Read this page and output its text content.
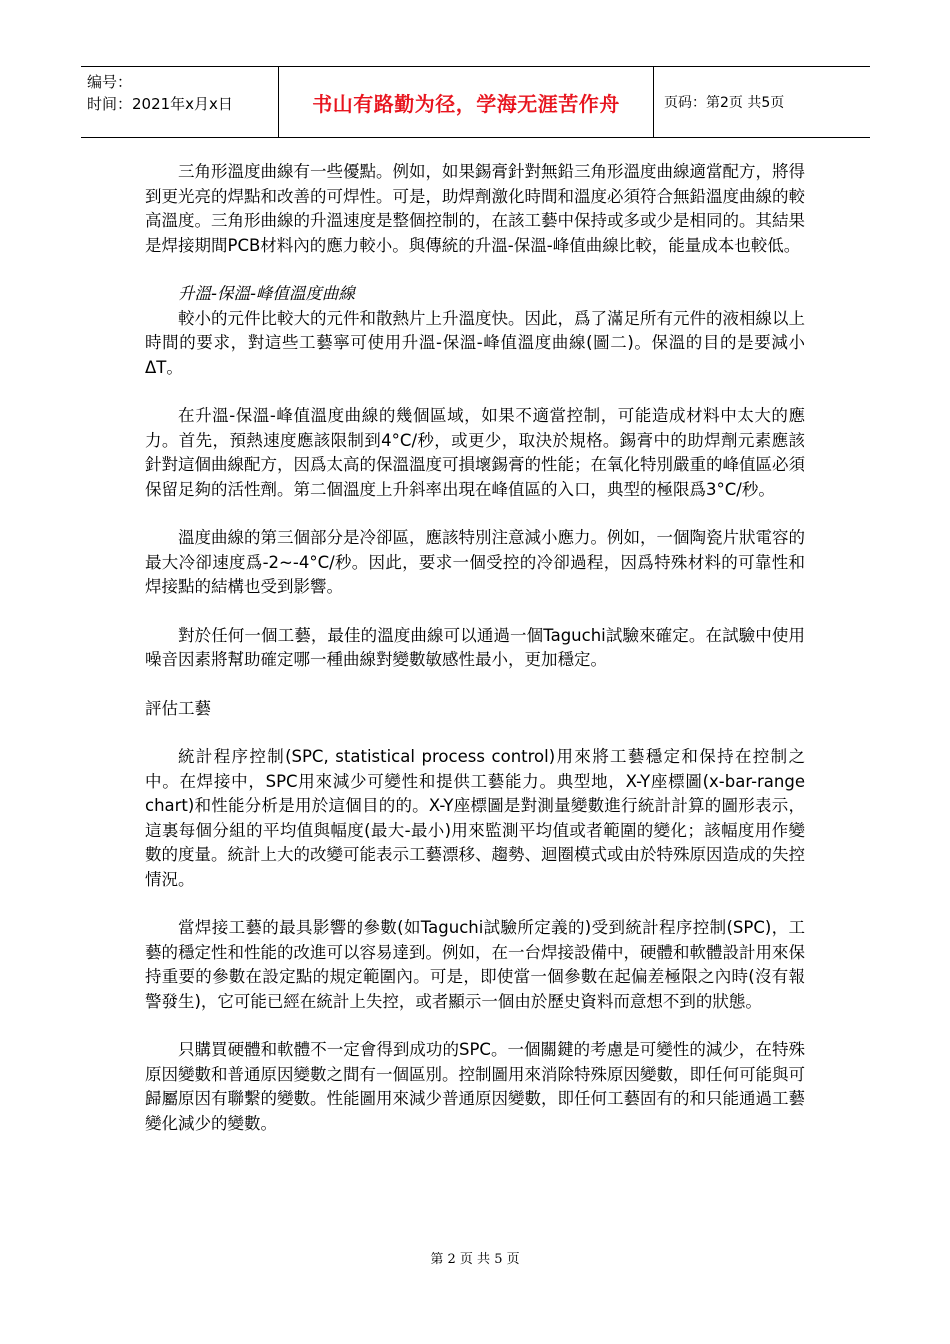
编号：
时间：2021年x月x日	书山有路勤为径，学海无涯苦作舟	页码：第2页 共5页

三角形溫度曲線有一些優點。例如，如果錫膏針對無鉛三角形溫度曲線適當配方，將得到更光亮的焊點和改善的可焊性。可是，助焊劑激化時間和溫度必須符合無鉛溫度曲線的較高溫度。三角形曲線的升溫速度是整個控制的，在該工藝中保持或多或少是相同的。其結果是焊接期間PCB材料內的應力較小。與傳統的升溫-保溫-峰值曲線比較，能量成本也較低。

升溫-保溫-峰值溫度曲線

較小的元件比較大的元件和散熱片上升溫度快。因此，爲了滿足所有元件的液相線以上時間的要求，對這些工藝寧可使用升溫-保溫-峰值溫度曲線(圖二)。保溫的目的是要減小ΔT。

在升溫-保溫-峰值溫度曲線的幾個區域，如果不適當控制，可能造成材料中太大的應力。首先，預熱速度應該限制到4°C/秒，或更少，取決於規格。錫膏中的助焊劑元素應該針對這個曲線配方，因爲太高的保溫溫度可損壞錫膏的性能；在氧化特別嚴重的峰值區必須保留足夠的活性劑。第二個溫度上升斜率出現在峰值區的入口，典型的極限爲3°C/秒。

溫度曲線的第三個部分是冷卻區，應該特別注意減小應力。例如，一個陶瓷片狀電容的最大冷卻速度爲-2~-4°C/秒。因此，要求一個受控的冷卻過程，因爲特殊材料的可靠性和焊接點的結構也受到影響。

對於任何一個工藝，最佳的溫度曲線可以通過一個Taguchi試驗來確定。在試驗中使用噪音因素將幫助確定哪一種曲線對變數敏感性最小，更加穩定。

評估工藝

統計程序控制(SPC, statistical process control)用來將工藝穩定和保持在控制之中。在焊接中，SPC用來減少可變性和提供工藝能力。典型地，X-Y座標圖(x-bar-range chart)和性能分析是用於這個目的的。X-Y座標圖是對測量變數進行統計計算的圖形表示，這裏每個分組的平均值與幅度(最大-最小)用來監測平均值或者範圍的變化；該幅度用作變數的度量。統計上大的改變可能表示工藝漂移、趨勢、迴圈模式或由於特殊原因造成的失控情況。

當焊接工藝的最具影響的參數(如Taguchi試驗所定義的)受到統計程序控制(SPC)，工藝的穩定性和性能的改進可以容易達到。例如，在一台焊接設備中，硬體和軟體設計用來保持重要的參數在設定點的規定範圍內。可是，即使當一個參數在起偏差極限之內時(沒有報警發生)，它可能已經在統計上失控，或者顯示一個由於歷史資料而意想不到的狀態。

只購買硬體和軟體不一定會得到成功的SPC。一個關鍵的考慮是可變性的減少，在特殊原因變數和普通原因變數之間有一個區別。控制圖用來消除特殊原因變數，即任何可能與可歸屬原因有聯繫的變數。性能圖用來減少普通原因變數，即任何工藝固有的和只能通過工藝變化減少的變數。

第 2 页 共 5 页
